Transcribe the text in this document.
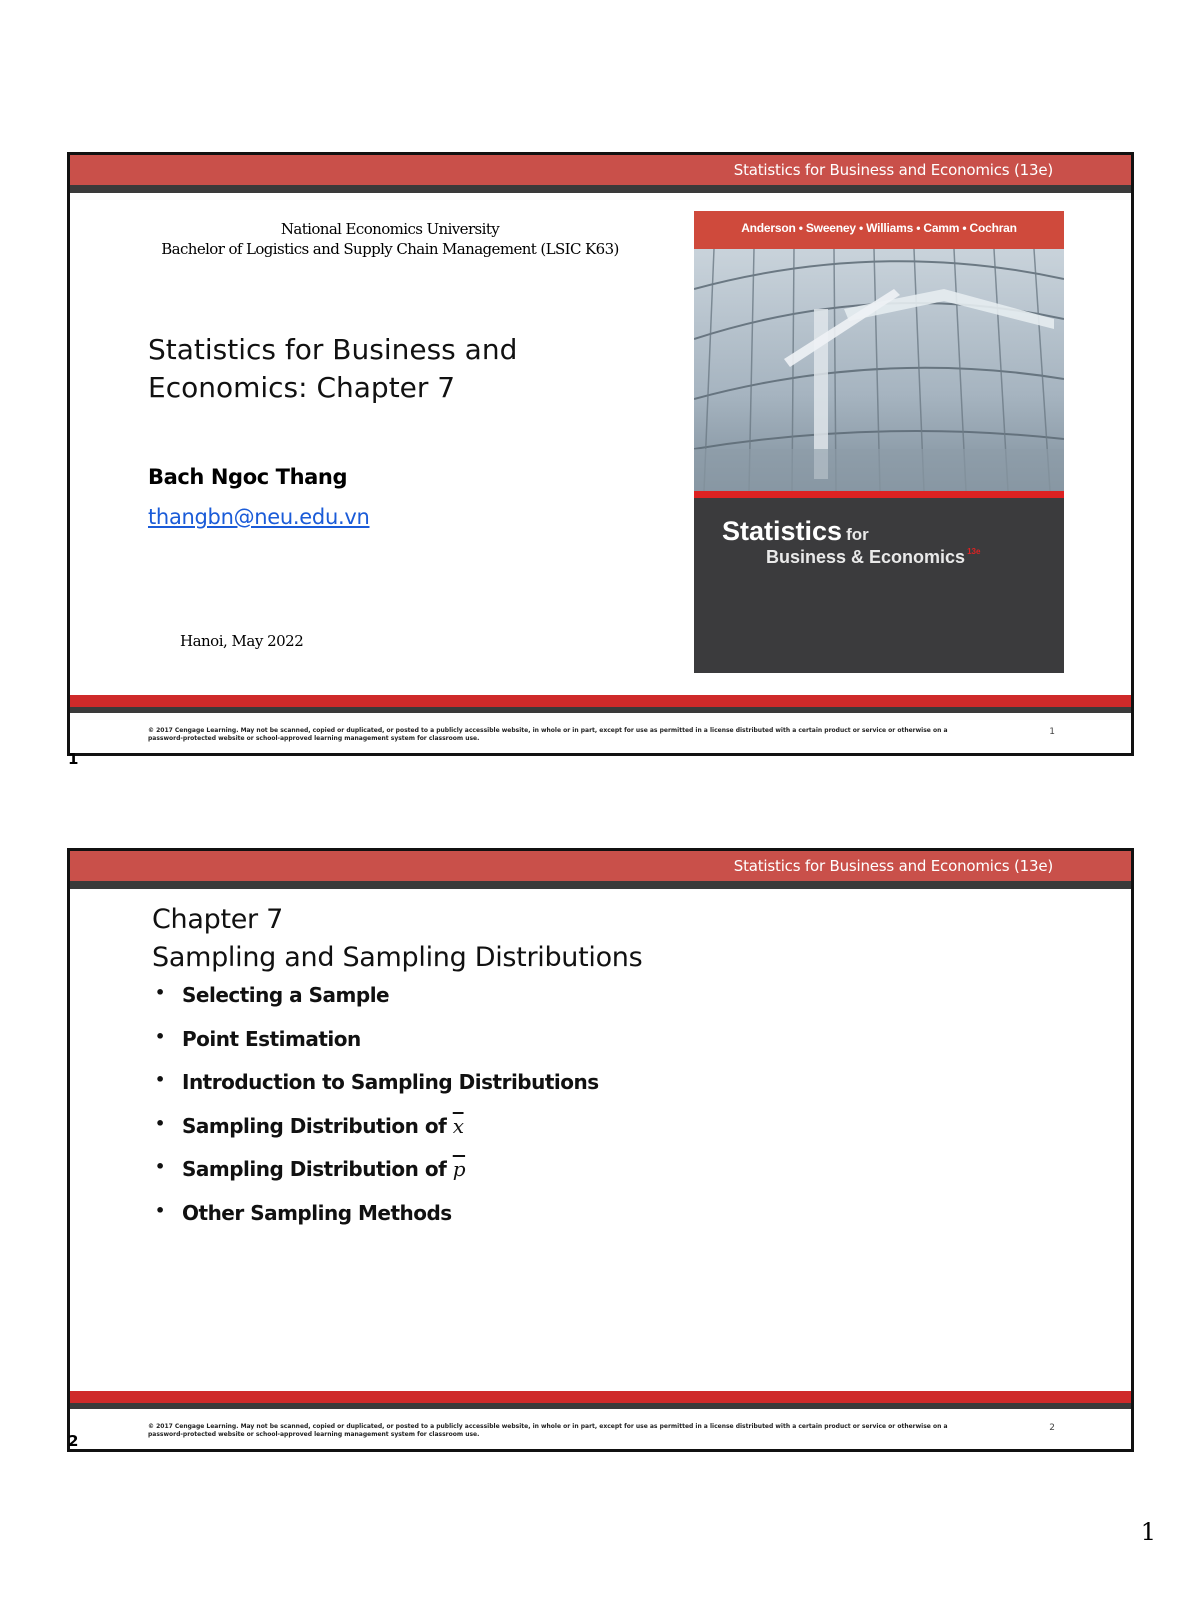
Statistics for Business and Economics (13e)
National Economics University
Bachelor of Logistics and Supply Chain Management (LSIC K63)
Statistics for Business and
Economics: Chapter 7
Bach Ngoc Thang
thangbn@neu.edu.vn
Hanoi, May 2022
Anderson • Sweeney • Williams • Camm • Cochran
Statistics for
Business & Economics $^{13e}$
© 2017 Cengage Learning. May not be scanned, copied or duplicated, or posted to a publicly accessible website, in whole or in part, except for use as permitted in a license distributed with a certain product or service or otherwise on a password-protected website or school-approved learning management system for classroom use.
1
1
Statistics for Business and Economics (13e)
Chapter 7
Sampling and Sampling Distributions
• Selecting a Sample
• Point Estimation
• Introduction to Sampling Distributions
• Sampling Distribution of $\overline{x}$
• Sampling Distribution of $\overline{p}$
• Other Sampling Methods
© 2017 Cengage Learning. May not be scanned, copied or duplicated, or posted to a publicly accessible website, in whole or in part, except for use as permitted in a license distributed with a certain product or service or otherwise on a password-protected website or school-approved learning management system for classroom use.
2
2
1
